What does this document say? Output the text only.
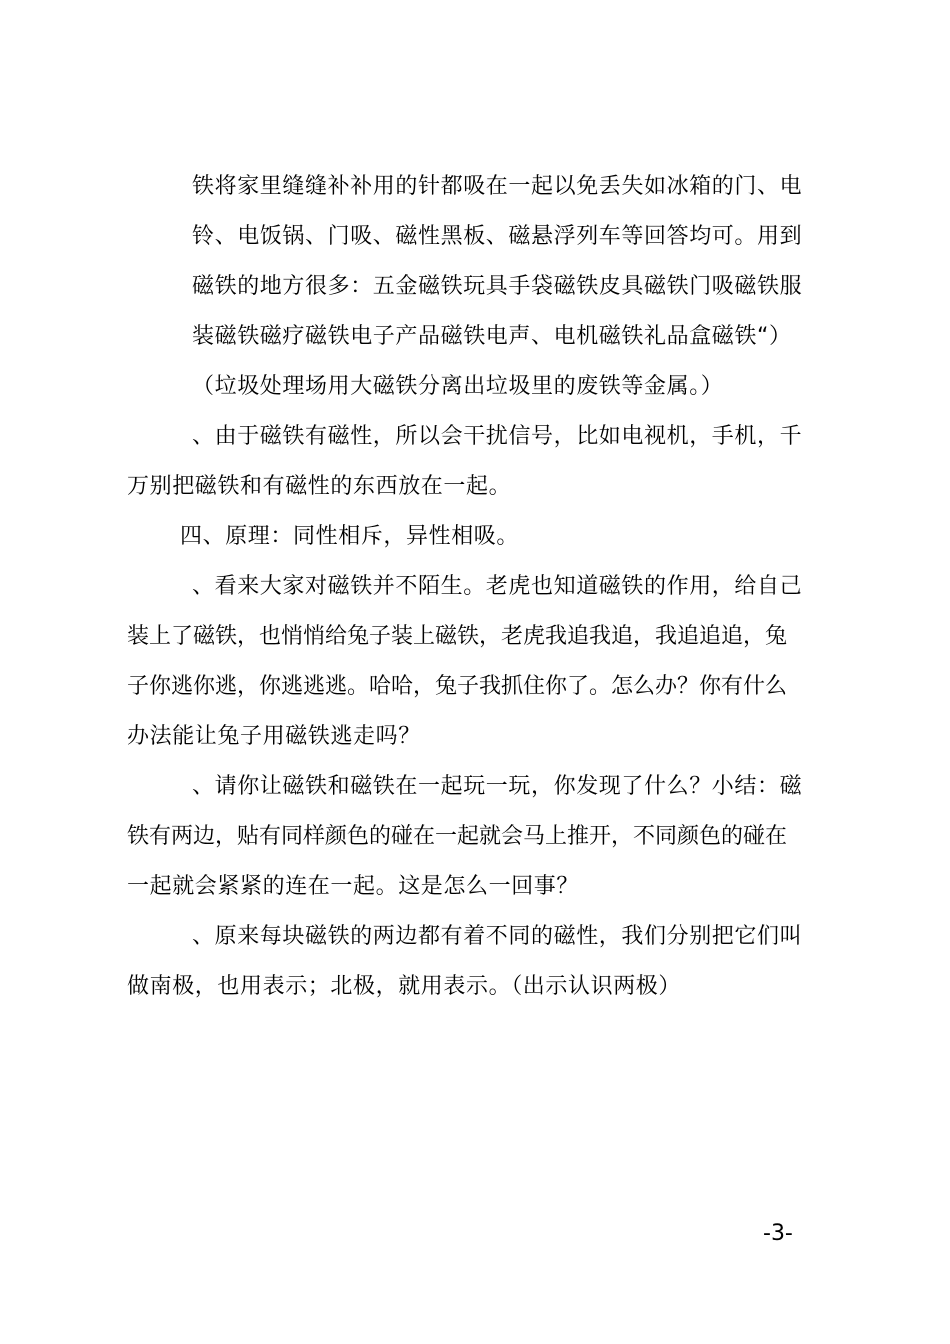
铁将家里缝缝补补用的针都吸在一起以免丢失如冰箱的门、电
铃、电饭锅、门吸、磁性黑板、磁悬浮列车等回答均可。用到
磁铁的地方很多：五金磁铁玩具手袋磁铁皮具磁铁门吸磁铁服
装磁铁磁疗磁铁电子产品磁铁电声、电机磁铁礼品盒磁铁“）
（垃圾处理场用大磁铁分离出垃圾里的废铁等金属。）
、由于磁铁有磁性，所以会干扰信号，比如电视机，手机，千
万别把磁铁和有磁性的东西放在一起。
四、原理：同性相斥，异性相吸。
、看来大家对磁铁并不陌生。老虎也知道磁铁的作用，给自己
装上了磁铁，也悄悄给兔子装上磁铁，老虎我追我追，我追追追，兔
子你逃你逃，你逃逃逃。哈哈，兔子我抓住你了。怎么办？你有什么
办法能让兔子用磁铁逃走吗？
、请你让磁铁和磁铁在一起玩一玩，你发现了什么？小结：磁
铁有两边，贴有同样颜色的碰在一起就会马上推开，不同颜色的碰在
一起就会紧紧的连在一起。这是怎么一回事？
、原来每块磁铁的两边都有着不同的磁性，我们分别把它们叫
做南极，也用表示；北极，就用表示。（出示认识两极）
-3-
